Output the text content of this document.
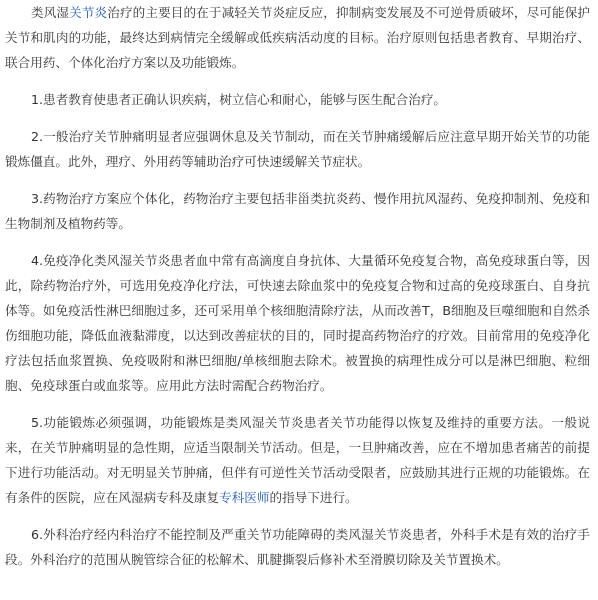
类风湿关节炎治疗的主要目的在于减轻关节炎症反应，抑制病变发展及不可逆骨质破坏，尽可能保护关节和肌肉的功能，最终达到病情完全缓解或低疾病活动度的目标。治疗原则包括患者教育、早期治疗、联合用药、个体化治疗方案以及功能锻炼。

1.患者教育使患者正确认识疾病，树立信心和耐心，能够与医生配合治疗。

2.一般治疗关节肿痛明显者应强调休息及关节制动，而在关节肿痛缓解后应注意早期开始关节的功能锻炼僵直。此外，理疗、外用药等辅助治疗可快速缓解关节症状。

3.药物治疗方案应个体化，药物治疗主要包括非甾类抗炎药、慢作用抗风湿药、免疫抑制剂、免疫和生物制剂及植物药等。

4.免疫净化类风湿关节炎患者血中常有高滴度自身抗体、大量循环免疫复合物，高免疫球蛋白等，因此，除药物治疗外，可选用免疫净化疗法，可快速去除血浆中的免疫复合物和过高的免疫球蛋白、自身抗体等。如免疫活性淋巴细胞过多，还可采用单个核细胞清除疗法，从而改善T，B细胞及巨噬细胞和自然杀伤细胞功能，降低血液黏滞度，以达到改善症状的目的，同时提高药物治疗的疗效。目前常用的免疫净化疗法包括血浆置换、免疫吸附和淋巴细胞/单核细胞去除术。被置换的病理性成分可以是淋巴细胞、粒细胞、免疫球蛋白或血浆等。应用此方法时需配合药物治疗。

5.功能锻炼必须强调，功能锻炼是类风湿关节炎患者关节功能得以恢复及维持的重要方法。一般说来，在关节肿痛明显的急性期，应适当限制关节活动。但是，一旦肿痛改善，应在不增加患者痛苦的前提下进行功能活动。对无明显关节肿痛，但伴有可逆性关节活动受限者，应鼓励其进行正规的功能锻炼。在有条件的医院，应在风湿病专科及康复专科医师的指导下进行。

6.外科治疗经内科治疗不能控制及严重关节功能障碍的类风湿关节炎患者，外科手术是有效的治疗手段。外科治疗的范围从腕管综合征的松解术、肌腱撕裂后修补术至滑膜切除及关节置换术。
